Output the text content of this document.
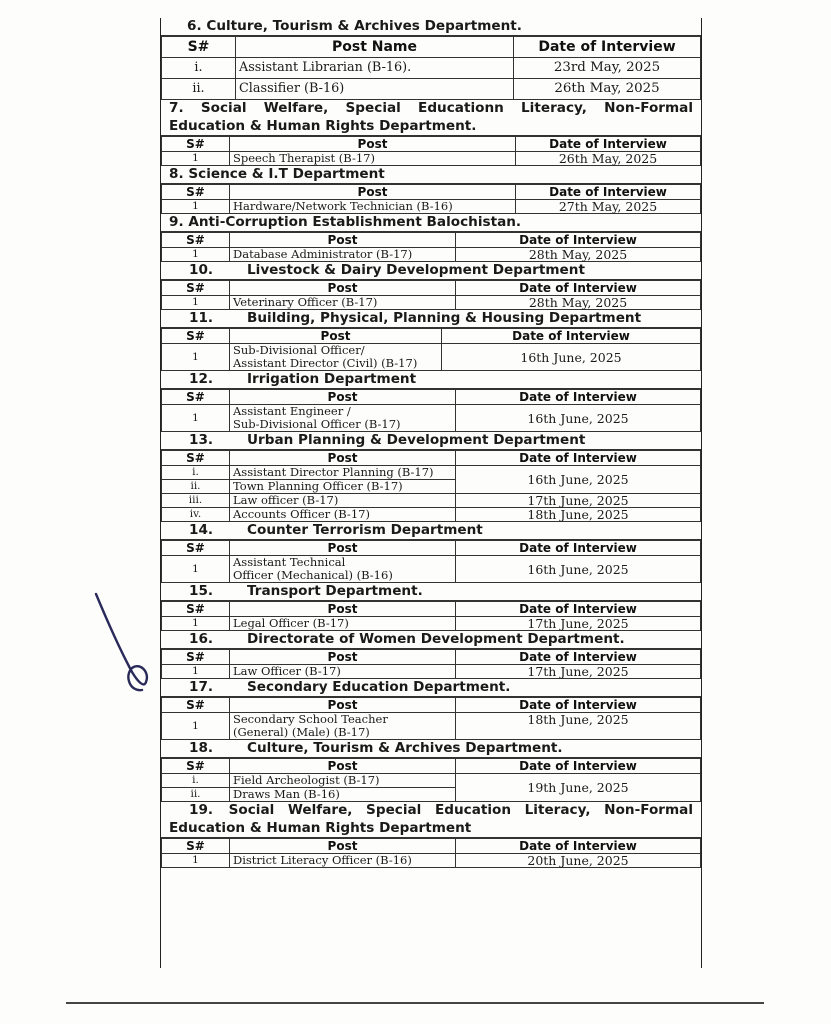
6. Culture, Tourism & Archives Department.
S#	Post Name	Date of Interview
i.	Assistant Librarian (B-16).	23rd May, 2025
ii.	Classifier (B-16)	26th May, 2025
7. Social Welfare, Special Educationn Literacy, Non-Formal Education & Human Rights Department.
S#	Post	Date of Interview
1	Speech Therapist (B-17)	26th May, 2025
8. Science & I.T Department
S#	Post	Date of Interview
1	Hardware/Network Technician (B-16)	27th May, 2025
9. Anti-Corruption Establishment Balochistan.
S#	Post	Date of Interview
1	Database Administrator (B-17)	28th May, 2025
10. Livestock & Dairy Development Department
S#	Post	Date of Interview
1	Veterinary Officer (B-17)	28th May, 2025
11. Building, Physical, Planning & Housing Department
S#	Post	Date of Interview
1	Sub-Divisional Officer/
Assistant Director (Civil) (B-17)	16th June, 2025
12. Irrigation Department
S#	Post	Date of Interview
1	Assistant Engineer /
Sub-Divisional Officer (B-17)	16th June, 2025
13. Urban Planning & Development Department
S#	Post	Date of Interview
i.	Assistant Director Planning (B-17)	16th June, 2025
ii.	Town Planning Officer (B-17)	
iii.	Law officer (B-17)	17th June, 2025
iv.	Accounts Officer (B-17)	18th June, 2025
14. Counter Terrorism Department
S#	Post	Date of Interview
1	Assistant Technical
Officer (Mechanical) (B-16)	16th June, 2025
15. Transport Department.
S#	Post	Date of Interview
1	Legal Officer (B-17)	17th June, 2025
16. Directorate of Women Development Department.
S#	Post	Date of Interview
1	Law Officer (B-17)	17th June, 2025
17. Secondary Education Department.
S#	Post	Date of Interview
1	Secondary School Teacher
(General) (Male) (B-17)	18th June, 2025
18. Culture, Tourism & Archives Department.
S#	Post	Date of Interview
i.	Field Archeologist (B-17)	19th June, 2025
ii.	Draws Man (B-16)	
19. Social Welfare, Special Education Literacy, Non-Formal Education & Human Rights Department
S#	Post	Date of Interview
1	District Literacy Officer (B-16)	20th June, 2025
